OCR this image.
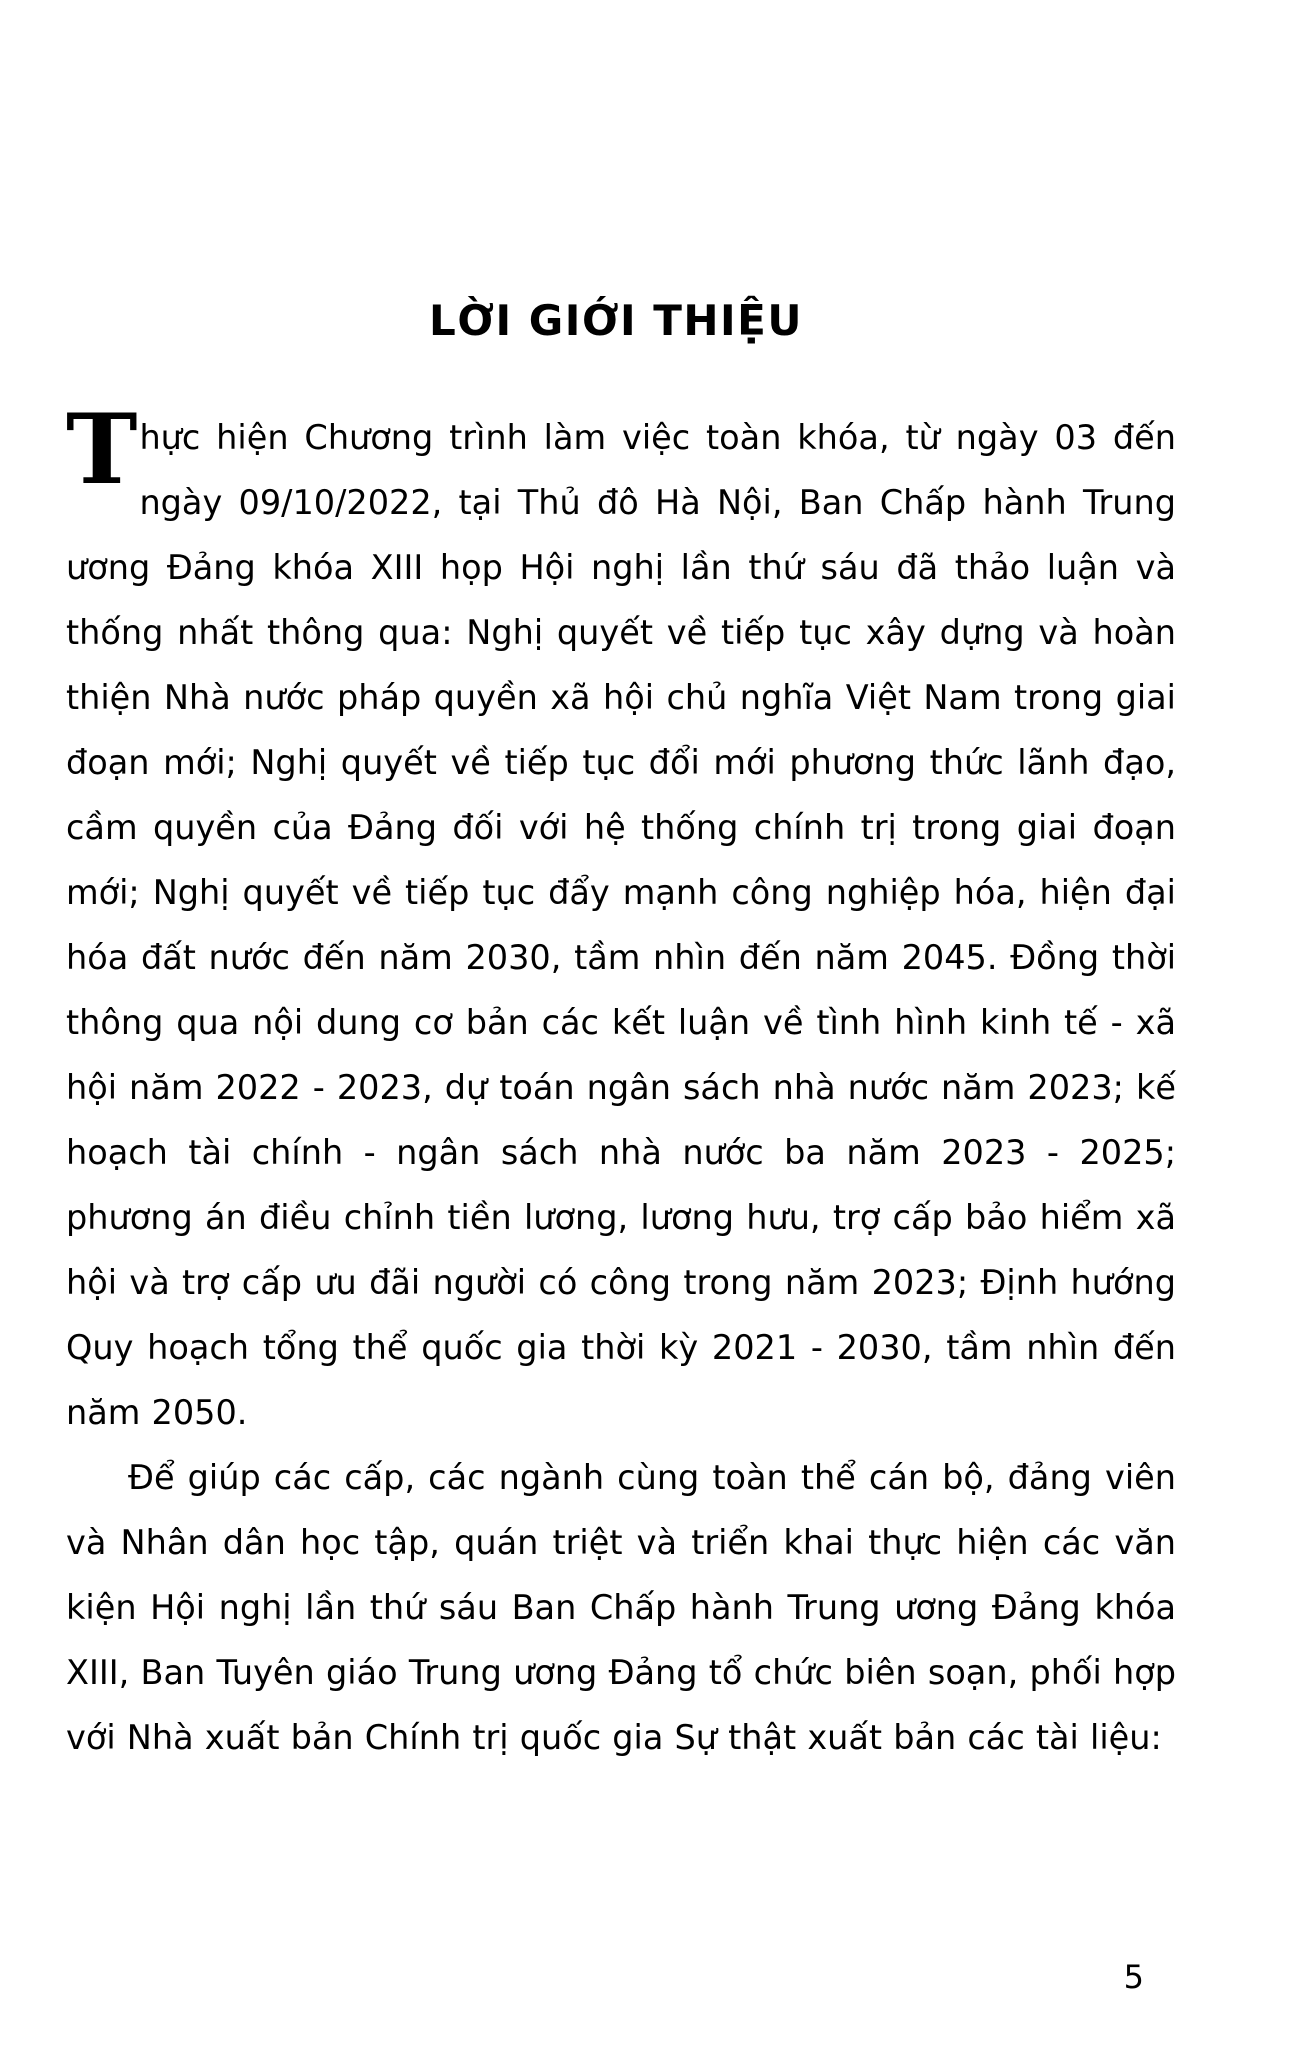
LỜI GIỚI THIỆU

Thực hiện Chương trình làm việc toàn khóa, từ ngày 03 đến ngày 09/10/2022, tại Thủ đô Hà Nội, Ban Chấp hành Trung ương Đảng khóa XIII họp Hội nghị lần thứ sáu đã thảo luận và thống nhất thông qua: Nghị quyết về tiếp tục xây dựng và hoàn thiện Nhà nước pháp quyền xã hội chủ nghĩa Việt Nam trong giai đoạn mới; Nghị quyết về tiếp tục đổi mới phương thức lãnh đạo, cầm quyền của Đảng đối với hệ thống chính trị trong giai đoạn mới; Nghị quyết về tiếp tục đẩy mạnh công nghiệp hóa, hiện đại hóa đất nước đến năm 2030, tầm nhìn đến năm 2045. Đồng thời thông qua nội dung cơ bản các kết luận về tình hình kinh tế - xã hội năm 2022 - 2023, dự toán ngân sách nhà nước năm 2023; kế hoạch tài chính - ngân sách nhà nước ba năm 2023 - 2025; phương án điều chỉnh tiền lương, lương hưu, trợ cấp bảo hiểm xã hội và trợ cấp ưu đãi người có công trong năm 2023; Định hướng Quy hoạch tổng thể quốc gia thời kỳ 2021 - 2030, tầm nhìn đến năm 2050.

Để giúp các cấp, các ngành cùng toàn thể cán bộ, đảng viên và Nhân dân học tập, quán triệt và triển khai thực hiện các văn kiện Hội nghị lần thứ sáu Ban Chấp hành Trung ương Đảng khóa XIII, Ban Tuyên giáo Trung ương Đảng tổ chức biên soạn, phối hợp với Nhà xuất bản Chính trị quốc gia Sự thật xuất bản các tài liệu:

5
